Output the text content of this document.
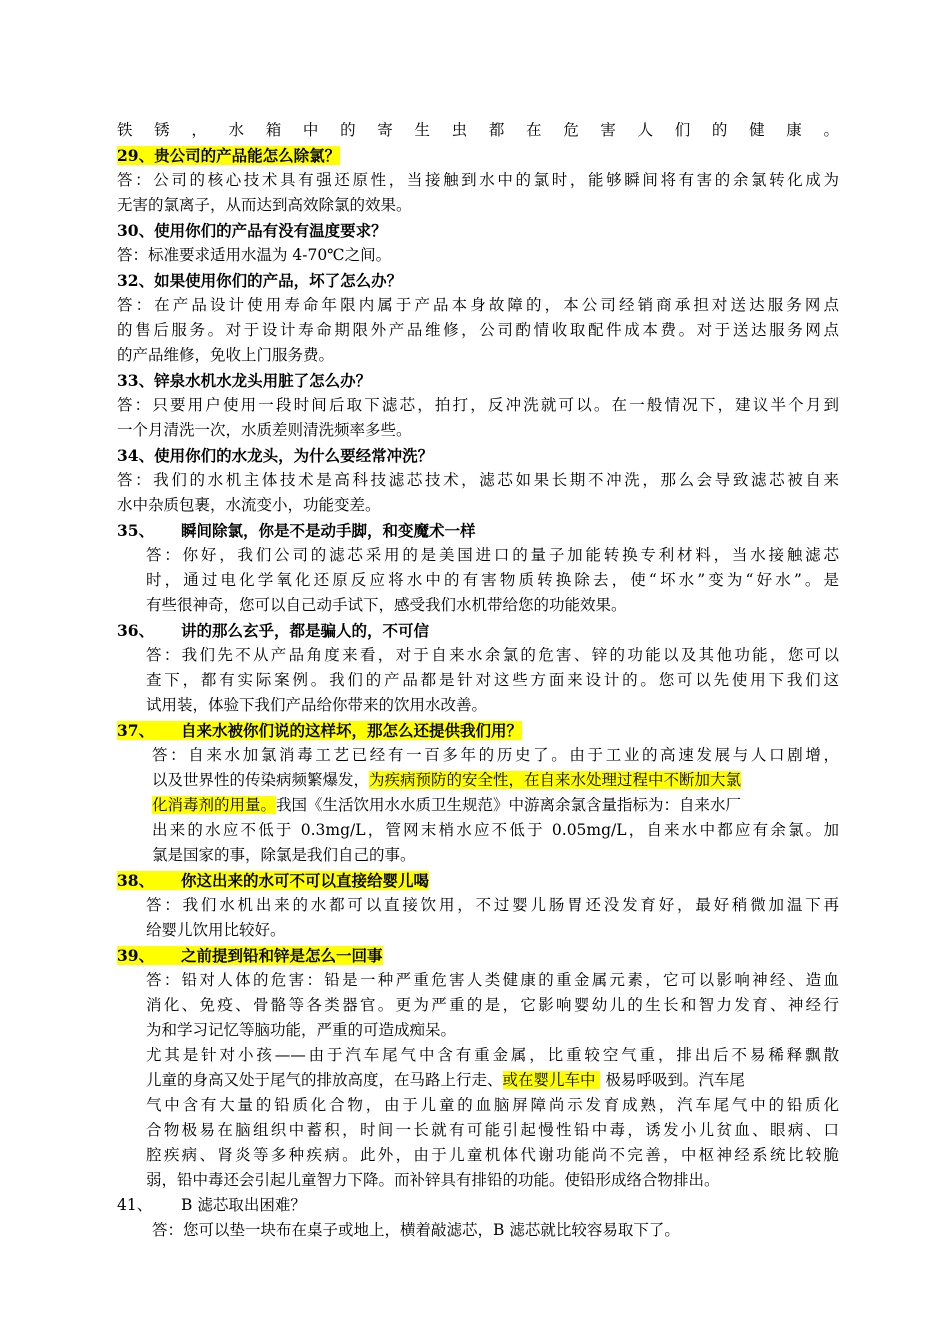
铁锈，水箱中的寄生虫都在危害人们的健康。
29、贵公司的产品能怎么除氯？
答：公司的核心技术具有强还原性，当接触到水中的氯时，能够瞬间将有害的余氯转化成为
无害的氯离子，从而达到高效除氯的效果。
30、使用你们的产品有没有温度要求？
答：标准要求适用水温为 4-70℃之间。
32、如果使用你们的产品，坏了怎么办？
答：在产品设计使用寿命年限内属于产品本身故障的，本公司经销商承担对送达服务网点
的售后服务。对于设计寿命期限外产品维修，公司酌情收取配件成本费。对于送达服务网点
的产品维修，免收上门服务费。
33、锌泉水机水龙头用脏了怎么办？
答：只要用户使用一段时间后取下滤芯，拍打，反冲洗就可以。在一般情况下，建议半个月到
一个月清洗一次，水质差则清洗频率多些。
34、使用你们的水龙头，为什么要经常冲洗？
答：我们的水机主体技术是高科技滤芯技术，滤芯如果长期不冲洗，那么会导致滤芯被自来
水中杂质包裹，水流变小，功能变差。
35、 瞬间除氯，你是不是动手脚，和变魔术一样
答：你好，我们公司的滤芯采用的是美国进口的量子加能转换专利材料，当水接触滤芯
时，通过电化学氧化还原反应将水中的有害物质转换除去，使“坏水”变为“好水”。是
有些很神奇，您可以自己动手试下，感受我们水机带给您的功能效果。
36、 讲的那么玄乎，都是骗人的，不可信
答：我们先不从产品角度来看，对于自来水余氯的危害、锌的功能以及其他功能，您可以
查下，都有实际案例。我们的产品都是针对这些方面来设计的。您可以先使用下我们这
试用装，体验下我们产品给你带来的饮用水改善。
37、 自来水被你们说的这样坏，那怎么还提供我们用？
答：自来水加氯消毒工艺已经有一百多年的历史了。由于工业的高速发展与人口剧增，
以及世界性的传染病频繁爆发，为疾病预防的安全性，在自来水处理过程中不断加大氯
化消毒剂的用量。我国《生活饮用水水质卫生规范》中游离余氯含量指标为：自来水厂
出来的水应不低于 0.3mg/L，管网末梢水应不低于 0.05mg/L，自来水中都应有余氯。加
氯是国家的事，除氯是我们自己的事。
38、 你这出来的水可不可以直接给婴儿喝
答：我们水机出来的水都可以直接饮用，不过婴儿肠胃还没发育好，最好稍微加温下再
给婴儿饮用比较好。
39、 之前提到铅和锌是怎么一回事
答：铅对人体的危害：铅是一种严重危害人类健康的重金属元素，它可以影响神经、造血
消化、免疫、骨骼等各类器官。更为严重的是，它影响婴幼儿的生长和智力发育、神经行
为和学习记忆等脑功能，严重的可造成痴呆。
尤其是针对小孩——由于汽车尾气中含有重金属，比重较空气重，排出后不易稀释飘散
儿童的身高又处于尾气的排放高度，在马路上行走、或在婴儿车中  极易呼吸到。汽车尾
气中含有大量的铅质化合物，由于儿童的血脑屏障尚示发育成熟，汽车尾气中的铅质化
合物极易在脑组织中蓄积，时间一长就有可能引起慢性铅中毒，诱发小儿贫血、眼病、口
腔疾病、肾炎等多种疾病。此外，由于儿童机体代谢功能尚不完善，中枢神经系统比较脆
弱，铅中毒还会引起儿童智力下降。而补锌具有排铅的功能。使铅形成络合物排出。
41、 B 滤芯取出困难？
答：您可以垫一块布在桌子或地上，横着敲滤芯，B 滤芯就比较容易取下了。
